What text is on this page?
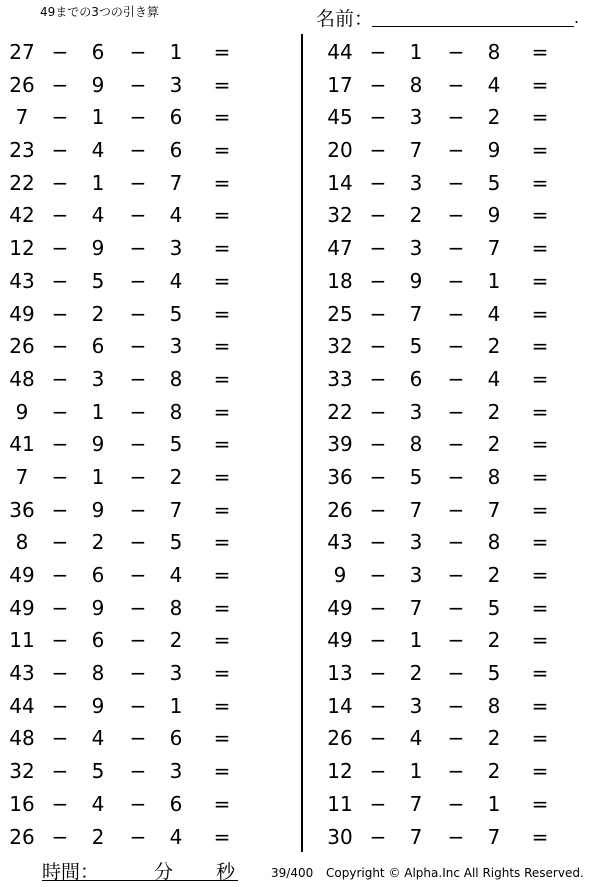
49までの3つの引き算	名前：	.
27 − 6 − 1 =
26 − 9 − 3 =
7	− 1 − 6 =
23 − 4 − 6 =
22 − 1 − 7 =
42 − 4 − 4 =
12 − 9 − 3 =
43 − 5 − 4 =
49 − 2 − 5 =
26 − 6 − 3 =
48 − 3 − 8 =
9	− 1 − 8 =
41 − 9 − 5 =
7	− 1 − 2 =
36 − 9 − 7 =
8	− 2 − 5 =
49 − 6 − 4 =
49 − 9 − 8 =
11 − 6 − 2 =
43 − 8 − 3 =
44 − 9 − 1 =
48 − 4 − 6 =
32 − 5 − 3 =
16 − 4 − 6 =
26 − 2 − 4 =
44 − 1 − 8 =
17 − 8 − 4 =
45 − 3 − 2 =
20 − 7 − 9 =
14 − 3 − 5 =
32 − 2 − 9 =
47 − 3 − 7 =
18 − 9 − 1 =
25 − 7 − 4 =
32 − 5 − 2 =
33 − 6 − 4 =
22 − 3 − 2 =
39 − 8 − 2 =
36 − 5 − 8 =
26 − 7 − 7 =
43 − 3 − 8 =
9	− 3 − 2 =
49 − 7 − 5 =
49 − 1 − 2 =
13 − 2 − 5 =
14 − 3 − 8 =
26 − 4 − 2 =
12 − 1 − 2 =
11 − 7 − 1 =
30 − 7 − 7 =
時間：	分 秒	39/400 Copyright © Alpha.Inc All Rights Reserved.
